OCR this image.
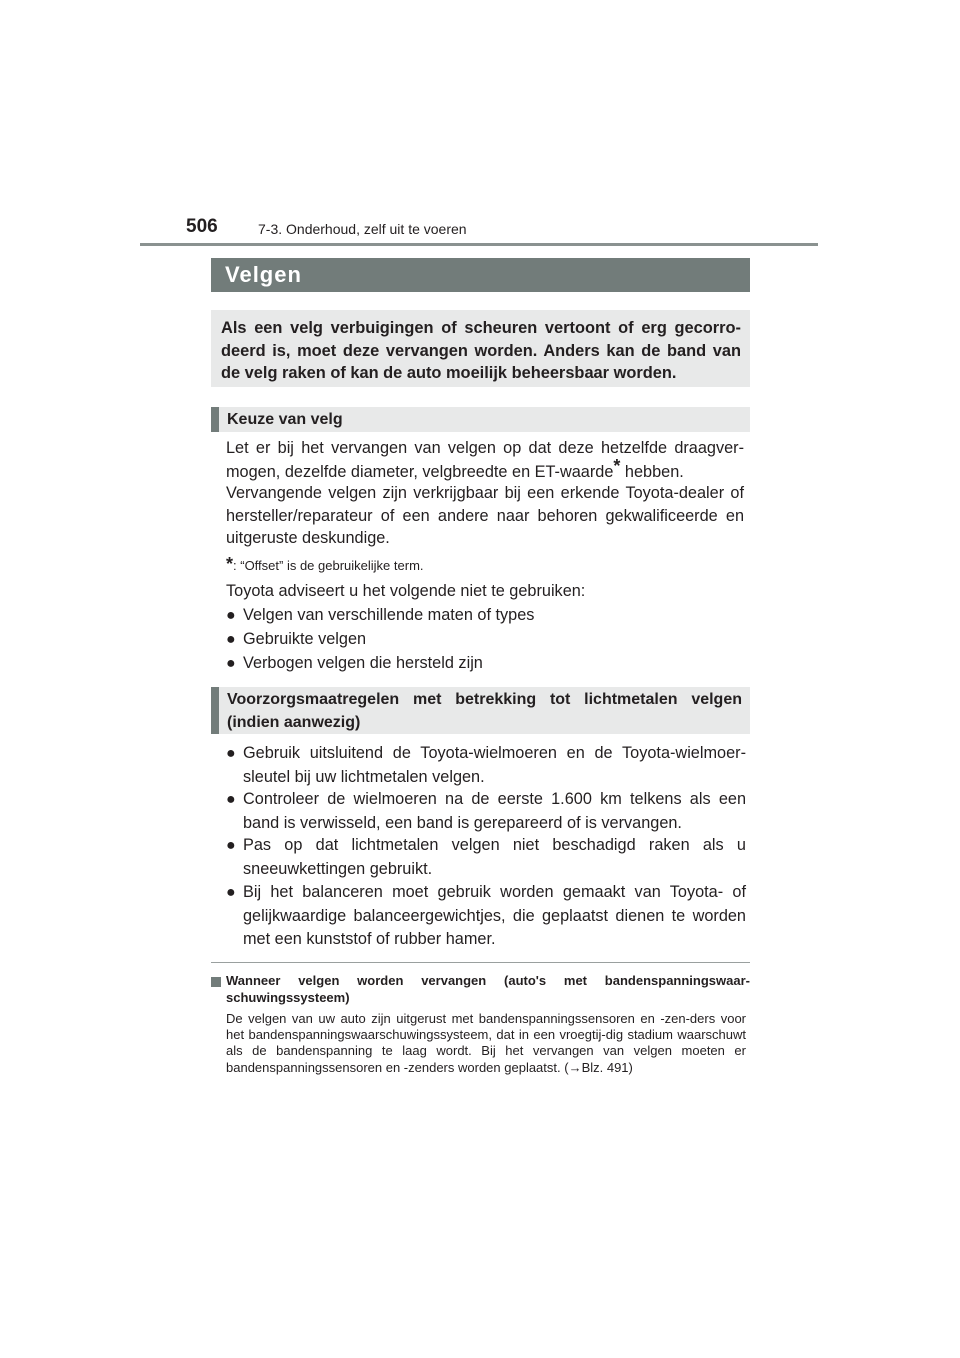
506	7-3. Onderhoud, zelf uit te voeren
Velgen
Als een velg verbuigingen of scheuren vertoont of erg gecorro-deerd is, moet deze vervangen worden. Anders kan de band van de velg raken of kan de auto moeilijk beheersbaar worden.
Keuze van velg
Let er bij het vervangen van velgen op dat deze hetzelfde draagver-mogen, dezelfde diameter, velgbreedte en ET-waarde* hebben.
Vervangende velgen zijn verkrijgbaar bij een erkende Toyota-dealer of hersteller/reparateur of een andere naar behoren gekwalificeerde en uitgeruste deskundige.
*: “Offset” is de gebruikelijke term.
Toyota adviseert u het volgende niet te gebruiken:
● Velgen van verschillende maten of types
● Gebruikte velgen
● Verbogen velgen die hersteld zijn
Voorzorgsmaatregelen met betrekking tot lichtmetalen velgen (indien aanwezig)
● Gebruik uitsluitend de Toyota-wielmoeren en de Toyota-wielmoer-sleutel bij uw lichtmetalen velgen.
● Controleer de wielmoeren na de eerste 1.600 km telkens als een band is verwisseld, een band is gerepareerd of is vervangen.
● Pas op dat lichtmetalen velgen niet beschadigd raken als u sneeuwkettingen gebruikt.
● Bij het balanceren moet gebruik worden gemaakt van Toyota- of gelijkwaardige balanceergewichtjes, die geplaatst dienen te worden met een kunststof of rubber hamer.
Wanneer velgen worden vervangen (auto's met bandenspanningswaar-schuwingssysteem)
De velgen van uw auto zijn uitgerust met bandenspanningssensoren en -zen-ders voor het bandenspanningswaarschuwingssysteem, dat in een vroegtij-dig stadium waarschuwt als de bandenspanning te laag wordt. Bij het vervangen van velgen moeten er bandenspanningssensoren en -zenders worden geplaatst. (→Blz. 491)
